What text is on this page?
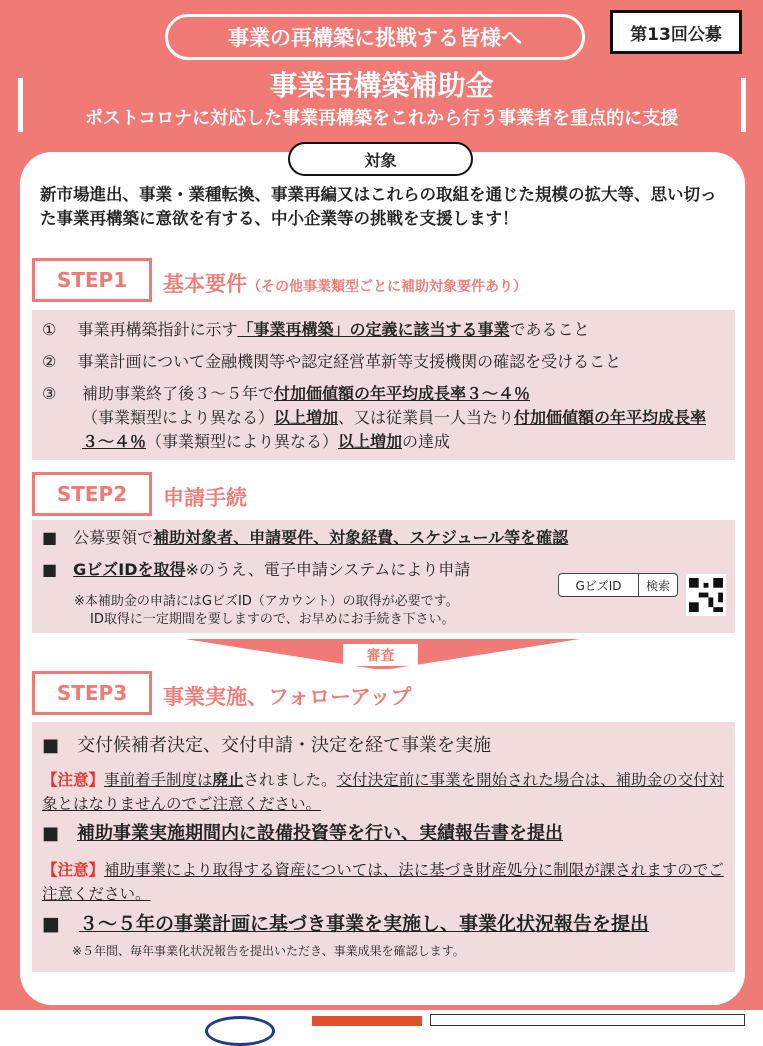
事業の再構築に挑戦する皆様へ	第13回公募
事業再構築補助金
ポストコロナに対応した事業再構築をこれから行う事業者を重点的に支援
対象
新市場進出、事業・業種転換、事業再編又はこれらの取組を通じた規模の拡大等、思い切った事業再構築に意欲を有する、中小企業等の挑戦を支援します！
STEP1	基本要件（その他事業類型ごとに補助対象要件あり）
①　 事業再構築指針に示す「事業再構築」の定義に該当する事業であること
②　 事業計画について金融機関等や認定経営革新等支援機関の確認を受けること
③	補助事業終了後３～５年で付加価値額の年平均成長率３～４％（事業類型により異なる）以上増加、又は従業員一人当たり付加価値額の年平均成長率３～４％（事業類型により異なる）以上増加の達成
STEP2	申請手続
■　公募要領で補助対象者、申請要件、対象経費、スケジュール等を確認
■　GビズIDを取得※のうえ、電子申請システムにより申請
※本補助金の申請にはGビズID（アカウント）の取得が必要です。
ID取得に一定期間を要しますので、お早めにお手続き下さい。
GビズID	検索
審査
STEP3	事業実施、フォローアップ
■　交付候補者決定、交付申請・決定を経て事業を実施
【注意】事前着手制度は廃止されました。交付決定前に事業を開始された場合は、補助金の交付対象とはなりませんのでご注意ください。
■　補助事業実施期間内に設備投資等を行い、実績報告書を提出
【注意】補助事業により取得する資産については、法に基づき財産処分に制限が課されますのでご注意ください。
■　３～５年の事業計画に基づき事業を実施し、事業化状況報告を提出
※５年間、毎年事業化状況報告を提出いただき、事業成果を確認します。
